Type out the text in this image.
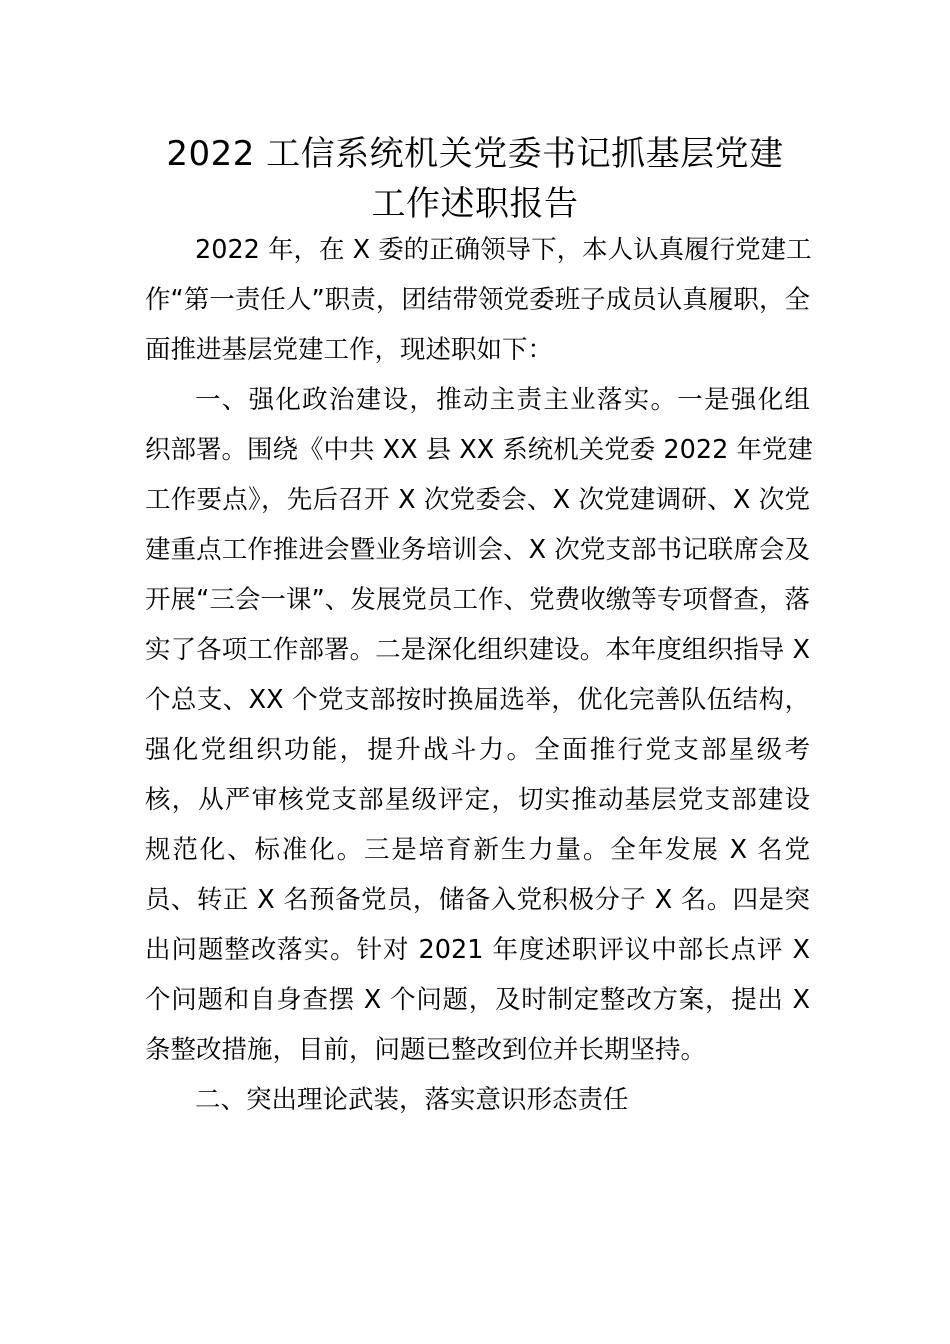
2022 工信系统机关党委书记抓基层党建
工作述职报告
2022 年，在 X 委的正确领导下，本人认真履行党建工
作“第一责任人”职责，团结带领党委班子成员认真履职，全
面推进基层党建工作，现述职如下：
一、强化政治建设，推动主责主业落实。一是强化组
织部署。围绕《中共 XX 县 XX 系统机关党委 2022 年党建
工作要点》，先后召开 X 次党委会、X 次党建调研、X 次党
建重点工作推进会暨业务培训会、X 次党支部书记联席会及
开展“三会一课”、发展党员工作、党费收缴等专项督查，落
实了各项工作部署。二是深化组织建设。本年度组织指导 X
个总支、XX 个党支部按时换届选举，优化完善队伍结构，
强化党组织功能，提升战斗力。全面推行党支部星级考
核，从严审核党支部星级评定，切实推动基层党支部建设
规范化、标准化。三是培育新生力量。全年发展 X 名党
员、转正 X 名预备党员，储备入党积极分子 X 名。四是突
出问题整改落实。针对 2021 年度述职评议中部长点评 X
个问题和自身查摆 X 个问题，及时制定整改方案，提出 X
条整改措施，目前，问题已整改到位并长期坚持。
二、突出理论武装，落实意识形态责任
